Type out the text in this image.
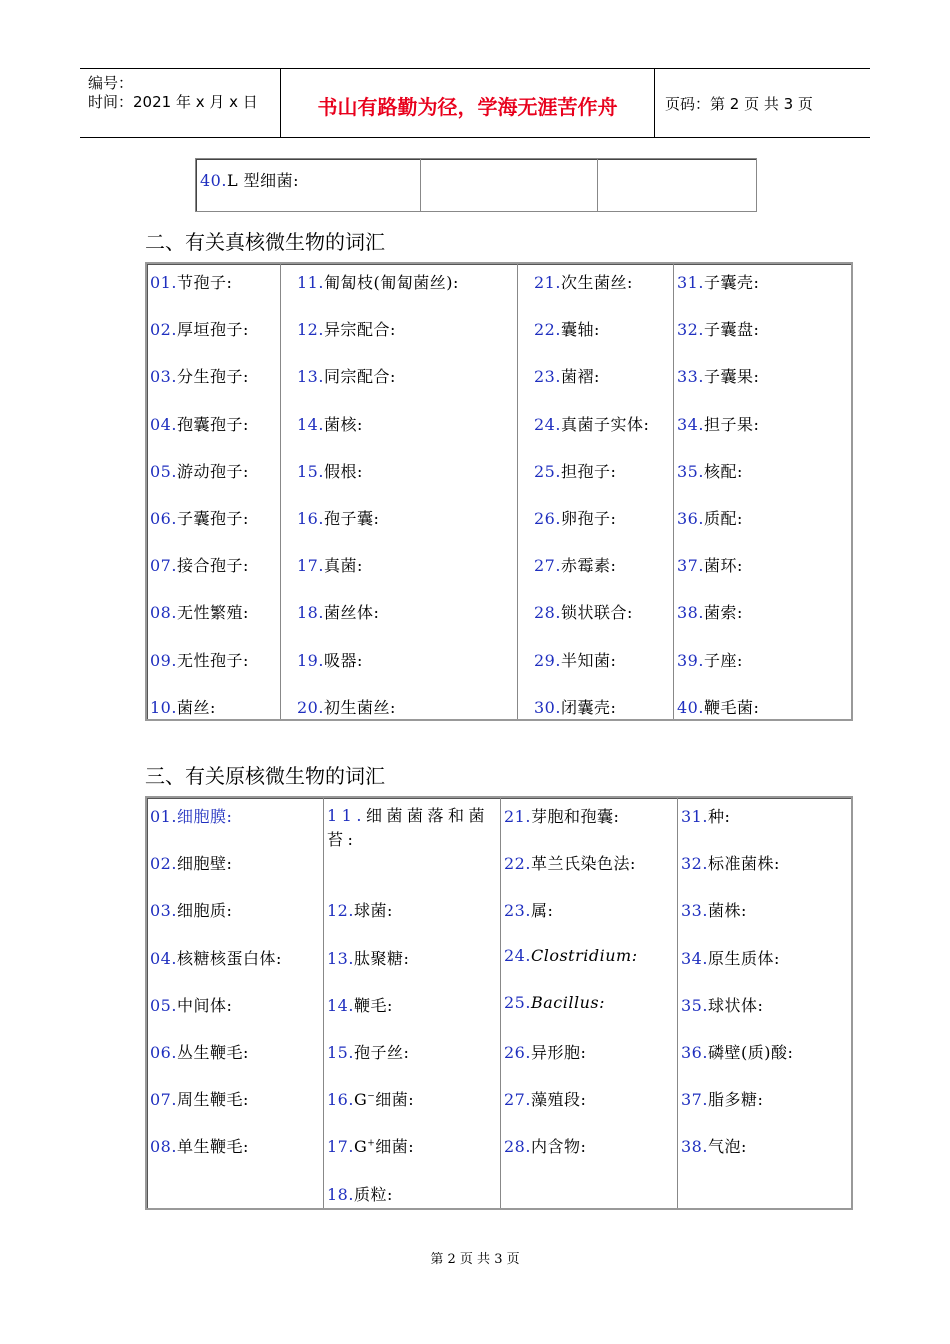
编号：
时间：2021 年 x 月 x 日	书山有路勤为径，学海无涯苦作舟	页码：第 2 页 共 3 页
40.L 型细菌:
二、有关真核微生物的词汇
01.节孢子:
02.厚垣孢子:
03.分生孢子:
04.孢囊孢子:
05.游动孢子:
06.子囊孢子:
07.接合孢子:
08.无性繁殖:
09.无性孢子:
10.菌丝:
11.匍匐枝(匍匐菌丝):
12.异宗配合:
13.同宗配合:
14.菌核:
15.假根:
16.孢子囊:
17.真菌:
18.菌丝体:
19.吸器:
20.初生菌丝:
21.次生菌丝:
22.囊轴:
23.菌褶:
24.真菌子实体:
25.担孢子:
26.卵孢子:
27.赤霉素:
28.锁状联合:
29.半知菌:
30.闭囊壳:
31.子囊壳:
32.子囊盘:
33.子囊果:
34.担子果:
35.核配:
36.质配:
37.菌环:
38.菌索:
39.子座:
40.鞭毛菌:
三、有关原核微生物的词汇
01.细胞膜:
02.细胞壁:
03.细胞质:
04.核糖核蛋白体:
05.中间体:
06.丛生鞭毛:
07.周生鞭毛:
08.单生鞭毛:
11.细菌菌落和菌
苔:
12.球菌:
13.肽聚糖:
14.鞭毛:
15.孢子丝:
16.G−细菌:
17.G+细菌:
18.质粒:
21.芽胞和孢囊:
22.革兰氏染色法:
23.属:
24.Clostridium:
25.Bacillus:
26.异形胞:
27.藻殖段:
28.内含物:
31.种:
32.标准菌株:
33.菌株:
34.原生质体:
35.球状体:
36.磷壁(质)酸:
37.脂多糖:
38.气泡:
第 2 页 共 3 页
